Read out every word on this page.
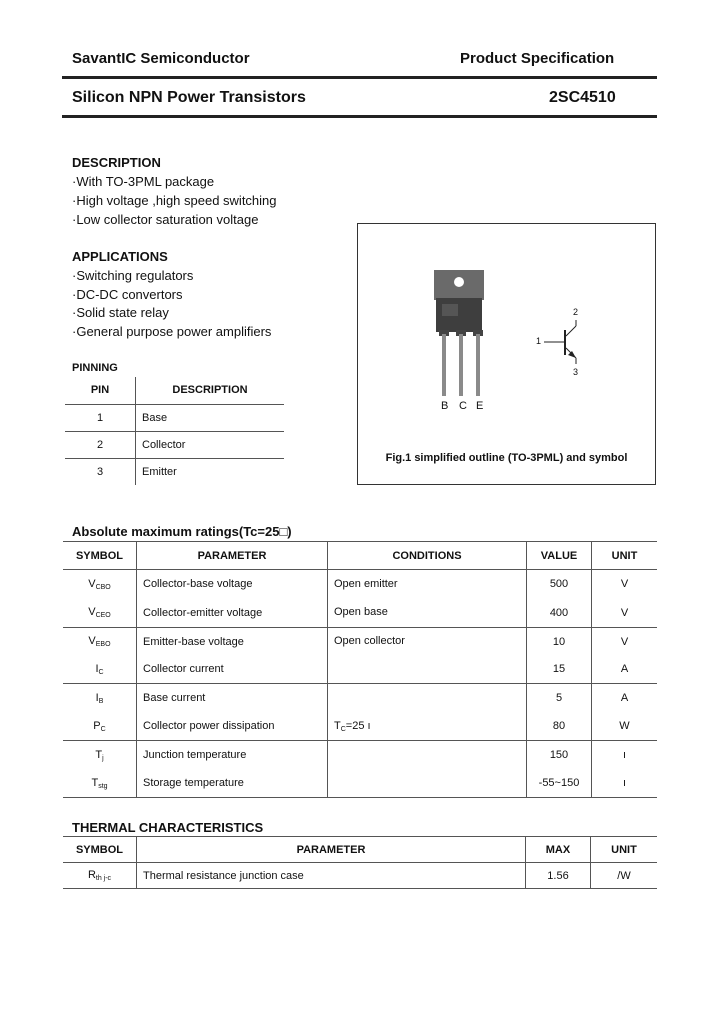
SavantIC Semiconductor	Product Specification
Silicon NPN Power Transistors	2SC4510
DESCRIPTION
·With TO-3PML package
·High voltage ,high speed switching
·Low collector saturation voltage
APPLICATIONS
·Switching regulators
·DC-DC convertors
·Solid state relay
·General purpose power amplifiers
PINNING
PIN	DESCRIPTION
1	Base
2	Collector
3	Emitter
B C E
1
2
3
Fig.1 simplified outline (TO-3PML) and symbol
Absolute maximum ratings(Tc=25□)
SYMBOL	PARAMETER	CONDITIONS	VALUE	UNIT
$V_{CBO}$	Collector-base voltage	Open emitter	500	V
$V_{CEO}$	Collector-emitter voltage	Open base	400	V
$V_{EBO}$	Emitter-base voltage	Open collector	10	V
$I_C$	Collector current		15	A
$I_B$	Base current		5	A
$P_C$	Collector power dissipation	$T_C=25$ ı	80	W
$T_j$	Junction temperature		150	ı
$T_{stg}$	Storage temperature		-55~150	ı
THERMAL CHARACTERISTICS
SYMBOL	PARAMETER	MAX	UNIT
$R_{th j-c}$	Thermal resistance junction case	1.56	/W
